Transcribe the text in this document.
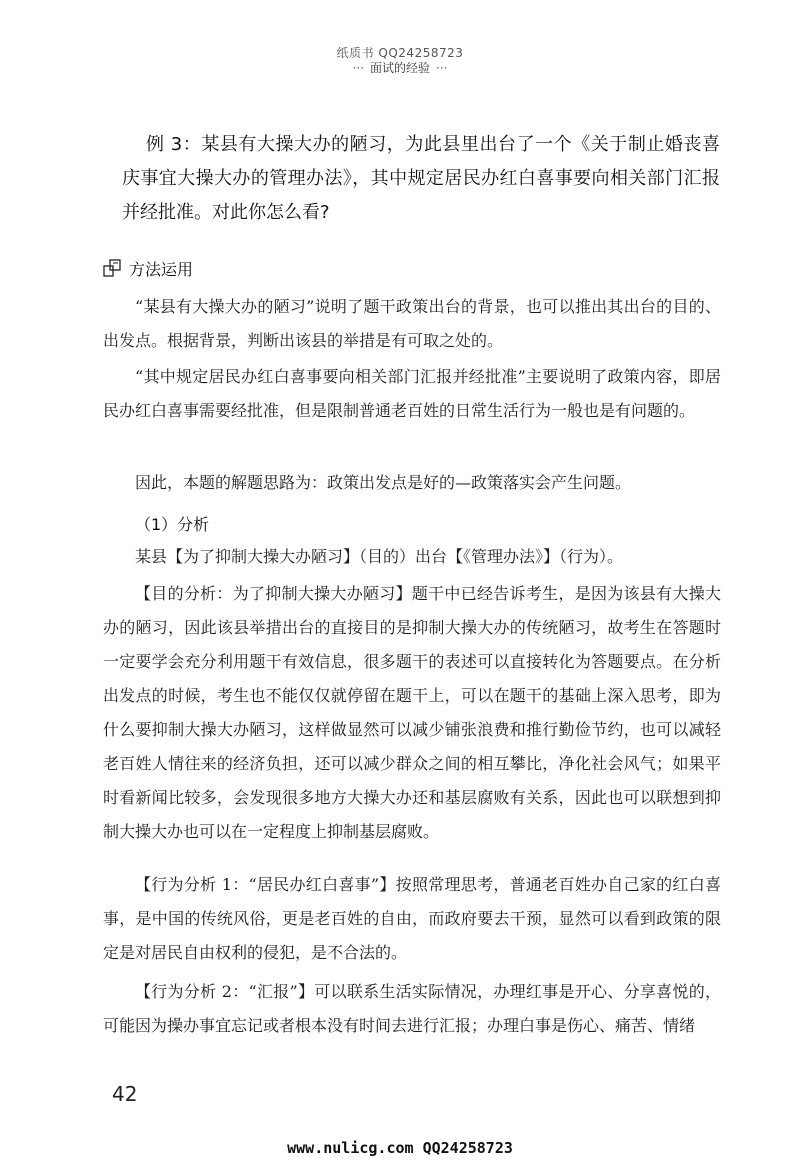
纸质书 QQ24258723
··· 面试的经验 ···
例 3：某县有大操大办的陋习，为此县里出台了一个《关于制止婚丧喜庆事宜大操大办的管理办法》，其中规定居民办红白喜事要向相关部门汇报并经批准。对此你怎么看?
方法运用

“某县有大操大办的陋习”说明了题干政策出台的背景，也可以推出其出台的目的、出发点。根据背景，判断出该县的举措是有可取之处的。

“其中规定居民办红白喜事要向相关部门汇报并经批准”主要说明了政策内容，即居民办红白喜事需要经批准，但是限制普通老百姓的日常生活行为一般也是有问题的。

因此，本题的解题思路为：政策出发点是好的—政策落实会产生问题。

（1）分析

某县【为了抑制大操大办陋习】（目的）出台【《管理办法》】（行为）。

【目的分析：为了抑制大操大办陋习】题干中已经告诉考生，是因为该县有大操大办的陋习，因此该县举措出台的直接目的是抑制大操大办的传统陋习，故考生在答题时一定要学会充分利用题干有效信息，很多题干的表述可以直接转化为答题要点。在分析出发点的时候，考生也不能仅仅就停留在题干上，可以在题干的基础上深入思考，即为什么要抑制大操大办陋习，这样做显然可以减少铺张浪费和推行勤俭节约，也可以减轻老百姓人情往来的经济负担，还可以减少群众之间的相互攀比，净化社会风气；如果平时看新闻比较多，会发现很多地方大操大办还和基层腐败有关系，因此也可以联想到抑制大操大办也可以在一定程度上抑制基层腐败。

【行为分析 1：“居民办红白喜事”】按照常理思考，普通老百姓办自己家的红白喜事，是中国的传统风俗，更是老百姓的自由，而政府要去干预，显然可以看到政策的限定是对居民自由权利的侵犯，是不合法的。

【行为分析 2：“汇报”】可以联系生活实际情况，办理红事是开心、分享喜悦的，可能因为操办事宜忘记或者根本没有时间去进行汇报；办理白事是伤心、痛苦、情绪

42
www.nulicg.com QQ24258723
